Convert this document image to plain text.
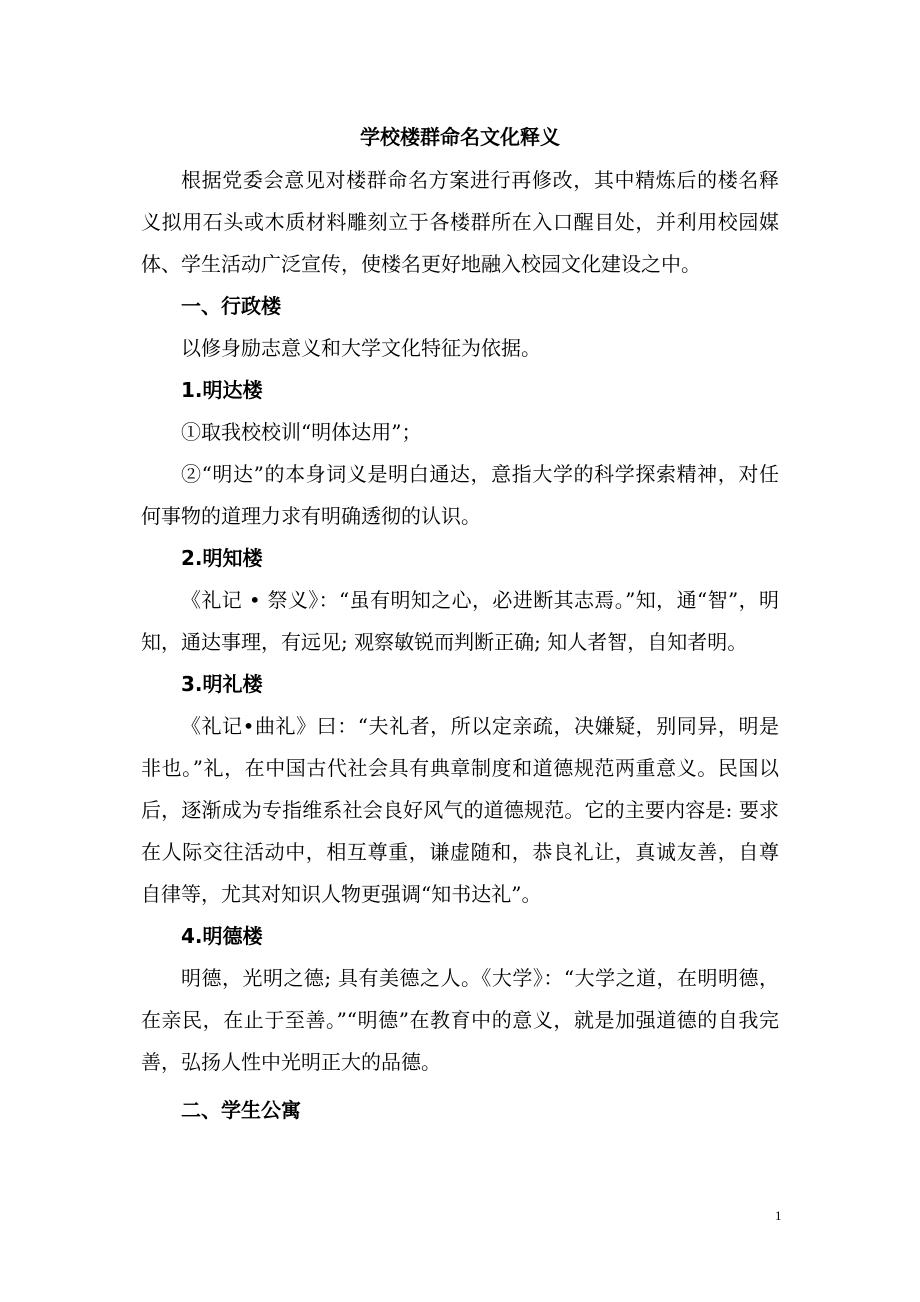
学校楼群命名文化释义

根据党委会意见对楼群命名方案进行再修改，其中精炼后的楼名释义拟用石头或木质材料雕刻立于各楼群所在入口醒目处，并利用校园媒体、学生活动广泛宣传，使楼名更好地融入校园文化建设之中。

一、行政楼

以修身励志意义和大学文化特征为依据。

1.明达楼

①取我校校训“明体达用”；

②“明达”的本身词义是明白通达，意指大学的科学探索精神，对任何事物的道理力求有明确透彻的认识。

2.明知楼

《礼记 • 祭义》：“虽有明知之心，必进断其志焉。”知，通“智”，明知，通达事理，有远见; 观察敏锐而判断正确; 知人者智，自知者明。

3.明礼楼

《礼记•曲礼》曰：“夫礼者，所以定亲疏，决嫌疑，别同异，明是非也。”礼，在中国古代社会具有典章制度和道德规范两重意义。民国以后，逐渐成为专指维系社会良好风气的道德规范。它的主要内容是: 要求在人际交往活动中，相互尊重，谦虚随和，恭良礼让，真诚友善，自尊自律等，尤其对知识人物更强调“知书达礼”。

4.明德楼

明德，光明之德; 具有美德之人。《大学》：“大学之道，在明明德，在亲民，在止于至善。”“明德”在教育中的意义，就是加强道德的自我完善，弘扬人性中光明正大的品德。

二、学生公寓

1
